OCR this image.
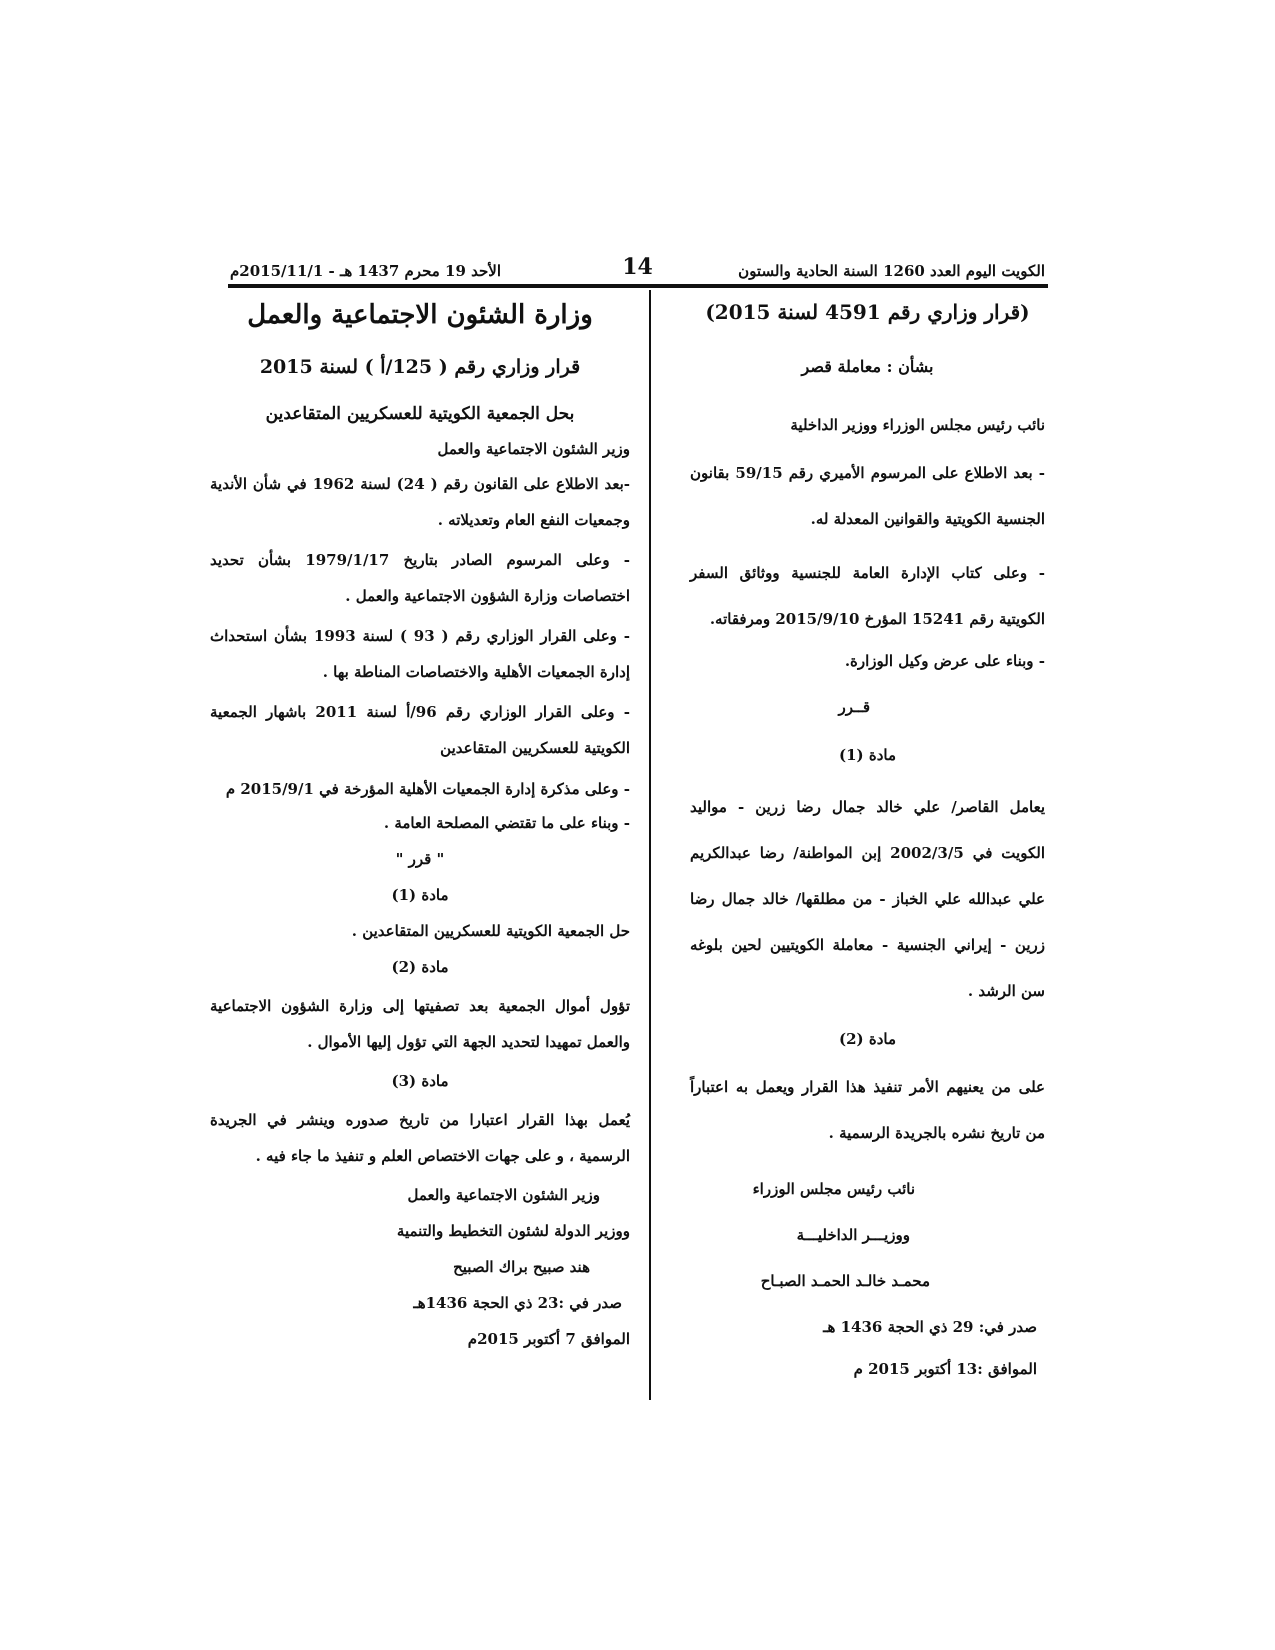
الكويت اليوم العدد 1260 السنة الحادية والستون
14
الأحد 19 محرم 1437 هـ - 2015/11/1م
(قرار وزاري رقم 4591 لسنة 2015)
بشأن : معاملة قصر
نائب رئيس مجلس الوزراء ووزير الداخلية
- بعد الاطلاع على المرسوم الأميري رقم 59/15 بقانون الجنسية الكويتية والقوانين المعدلة له.
- وعلى كتاب الإدارة العامة للجنسية ووثائق السفر الكويتية رقم 15241 المؤرخ 2015/9/10 ومرفقاته.
- وبناء على عرض وكيل الوزارة.
قــرر
مادة (1)
يعامل القاصر/ علي خالد جمال رضا زرين - مواليد الكويت في 2002/3/5 إبن المواطنة/ رضا عبدالكريم علي عبدالله علي الخباز - من مطلقها/ خالد جمال رضا زرين - إيراني الجنسية - معاملة الكويتيين لحين بلوغه سن الرشد .
مادة (2)
على من يعنيهم الأمر تنفيذ هذا القرار ويعمل به اعتباراً من تاريخ نشره بالجريدة الرسمية .
نائب رئيس مجلس الوزراء
ووزيـــر الداخليـــة
محمـد خالـد الحمـد الصبـاح
صدر في: 29 ذي الحجة 1436 هـ
الموافق :13 أكتوبر 2015 م
وزارة الشئون الاجتماعية والعمل
قرار وزاري رقم ( 125/أ ) لسنة 2015
بحل الجمعية الكويتية للعسكريين المتقاعدين
وزير الشئون الاجتماعية والعمل
-بعد الاطلاع على القانون رقم ( 24) لسنة 1962 في شأن الأندية وجمعيات النفع العام وتعديلاته .
- وعلى المرسوم الصادر بتاريخ 1979/1/17 بشأن تحديد اختصاصات وزارة الشؤون الاجتماعية والعمل .
- وعلى القرار الوزاري رقم ( 93 ) لسنة 1993 بشأن استحداث إدارة الجمعيات الأهلية والاختصاصات المناطة بها .
- وعلى القرار الوزاري رقم 96/أ لسنة 2011 باشهار الجمعية الكويتية للعسكريين المتقاعدين
- وعلى مذكرة إدارة الجمعيات الأهلية المؤرخة في 2015/9/1 م
- وبناء على ما تقتضي المصلحة العامة .
" قرر "
مادة (1)
حل الجمعية الكويتية للعسكريين المتقاعدين .
مادة (2)
تؤول أموال الجمعية بعد تصفيتها إلى وزارة الشؤون الاجتماعية والعمل تمهيدا لتحديد الجهة التي تؤول إليها الأموال .
مادة (3)
يُعمل بهذا القرار اعتبارا من تاريخ صدوره وينشر في الجريدة الرسمية ، و على جهات الاختصاص العلم و تنفيذ ما جاء فيه .
وزير الشئون الاجتماعية والعمل
ووزير الدولة لشئون التخطيط والتنمية
هند صبيح براك الصبيح
صدر في :23 ذي الحجة 1436هـ
الموافق 7 أكتوبر 2015م
